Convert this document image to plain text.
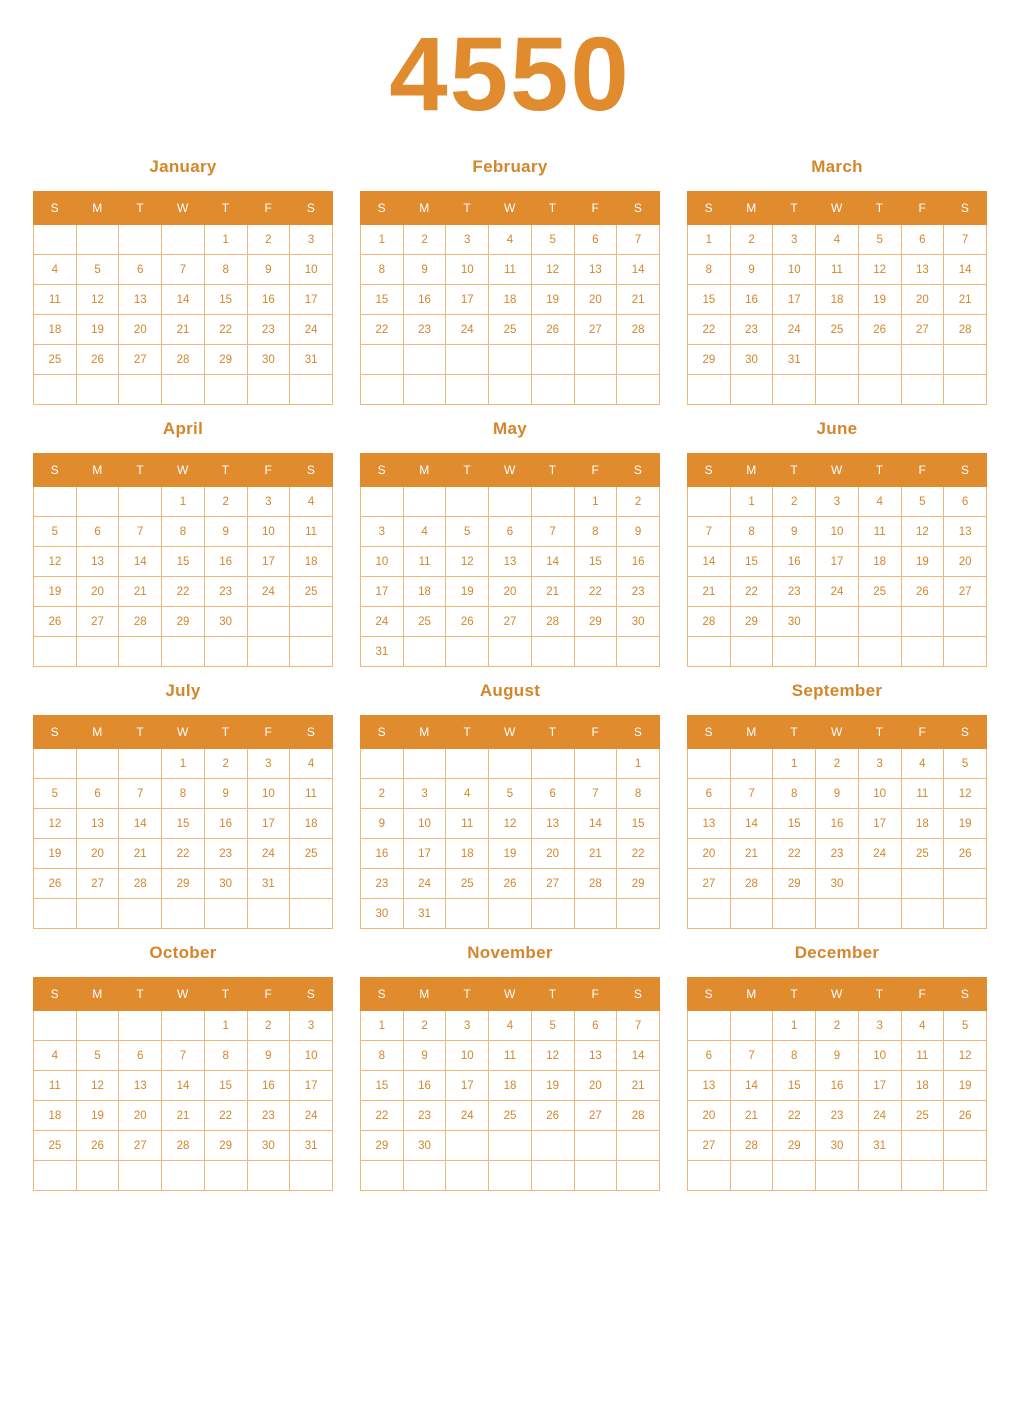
4550
January
S	M	T	W	T	F	S
				1	2	3
4	5	6	7	8	9	10
11	12	13	14	15	16	17
18	19	20	21	22	23	24
25	26	27	28	29	30	31

February
S	M	T	W	T	F	S
1	2	3	4	5	6	7
8	9	10	11	12	13	14
15	16	17	18	19	20	21
22	23	24	25	26	27	28

March
S	M	T	W	T	F	S
1	2	3	4	5	6	7
8	9	10	11	12	13	14
15	16	17	18	19	20	21
22	23	24	25	26	27	28
29	30	31				

April
S	M	T	W	T	F	S
			1	2	3	4
5	6	7	8	9	10	11
12	13	14	15	16	17	18
19	20	21	22	23	24	25
26	27	28	29	30		

May
S	M	T	W	T	F	S
					1	2
3	4	5	6	7	8	9
10	11	12	13	14	15	16
17	18	19	20	21	22	23
24	25	26	27	28	29	30
31						
June
S	M	T	W	T	F	S
	1	2	3	4	5	6
7	8	9	10	11	12	13
14	15	16	17	18	19	20
21	22	23	24	25	26	27
28	29	30				

July
S	M	T	W	T	F	S
			1	2	3	4
5	6	7	8	9	10	11
12	13	14	15	16	17	18
19	20	21	22	23	24	25
26	27	28	29	30	31	

August
S	M	T	W	T	F	S
						1
2	3	4	5	6	7	8
9	10	11	12	13	14	15
16	17	18	19	20	21	22
23	24	25	26	27	28	29
30	31					
September
S	M	T	W	T	F	S
		1	2	3	4	5
6	7	8	9	10	11	12
13	14	15	16	17	18	19
20	21	22	23	24	25	26
27	28	29	30			

October
S	M	T	W	T	F	S
				1	2	3
4	5	6	7	8	9	10
11	12	13	14	15	16	17
18	19	20	21	22	23	24
25	26	27	28	29	30	31

November
S	M	T	W	T	F	S
1	2	3	4	5	6	7
8	9	10	11	12	13	14
15	16	17	18	19	20	21
22	23	24	25	26	27	28
29	30					

December
S	M	T	W	T	F	S
		1	2	3	4	5
6	7	8	9	10	11	12
13	14	15	16	17	18	19
20	21	22	23	24	25	26
27	28	29	30	31		
